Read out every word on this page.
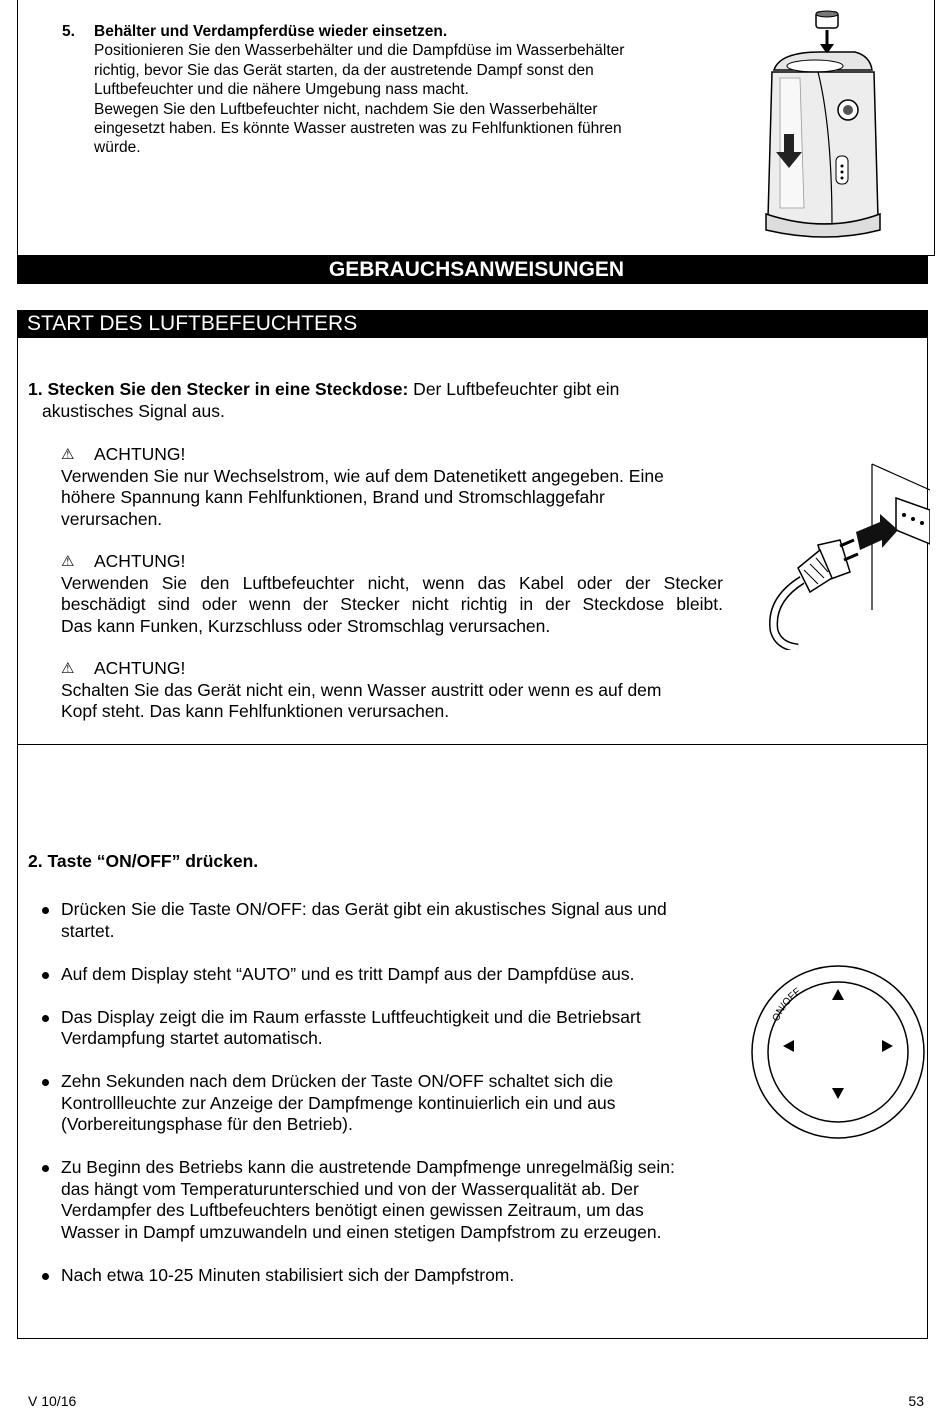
5. Behälter und Verdampferdüse wieder einsetzen.
Positionieren Sie den Wasserbehälter und die Dampfdüse im Wasserbehälter
richtig, bevor Sie das Gerät starten, da der austretende Dampf sonst den
Luftbefeuchter und die nähere Umgebung nass macht.
Bewegen Sie den Luftbefeuchter nicht, nachdem Sie den Wasserbehälter
eingesetzt haben. Es könnte Wasser austreten was zu Fehlfunktionen führen
würde.
GEBRAUCHSANWEISUNGEN
START DES LUFTBEFEUCHTERS
1. Stecken Sie den Stecker in eine Steckdose: Der Luftbefeuchter gibt ein
akustisches Signal aus.
⚠	ACHTUNG!
Verwenden Sie nur Wechselstrom, wie auf dem Datenetikett angegeben. Eine
höhere Spannung kann Fehlfunktionen, Brand und Stromschlaggefahr
verursachen.
⚠	ACHTUNG!
Verwenden Sie den Luftbefeuchter nicht, wenn das Kabel oder der Stecker
beschädigt sind oder wenn der Stecker nicht richtig in der Steckdose bleibt.
Das kann Funken, Kurzschluss oder Stromschlag verursachen.
⚠	ACHTUNG!
Schalten Sie das Gerät nicht ein, wenn Wasser austritt oder wenn es auf dem
Kopf steht. Das kann Fehlfunktionen verursachen.
2. Taste “ON/OFF” drücken.
Drücken Sie die Taste ON/OFF: das Gerät gibt ein akustisches Signal aus und
startet.
Auf dem Display steht “AUTO” und es tritt Dampf aus der Dampfdüse aus.
Das Display zeigt die im Raum erfasste Luftfeuchtigkeit und die Betriebsart
Verdampfung startet automatisch.
Zehn Sekunden nach dem Drücken der Taste ON/OFF schaltet sich die
Kontrollleuchte zur Anzeige der Dampfmenge kontinuierlich ein und aus
(Vorbereitungsphase für den Betrieb).
Zu Beginn des Betriebs kann die austretende Dampfmenge unregelmäßig sein:
das hängt vom Temperaturunterschied und von der Wasserqualität ab. Der
Verdampfer des Luftbefeuchters benötigt einen gewissen Zeitraum, um das
Wasser in Dampf umzuwandeln und einen stetigen Dampfstrom zu erzeugen.
Nach etwa 10-25 Minuten stabilisiert sich der Dampfstrom.
ON/OFF
V 10/16	53
